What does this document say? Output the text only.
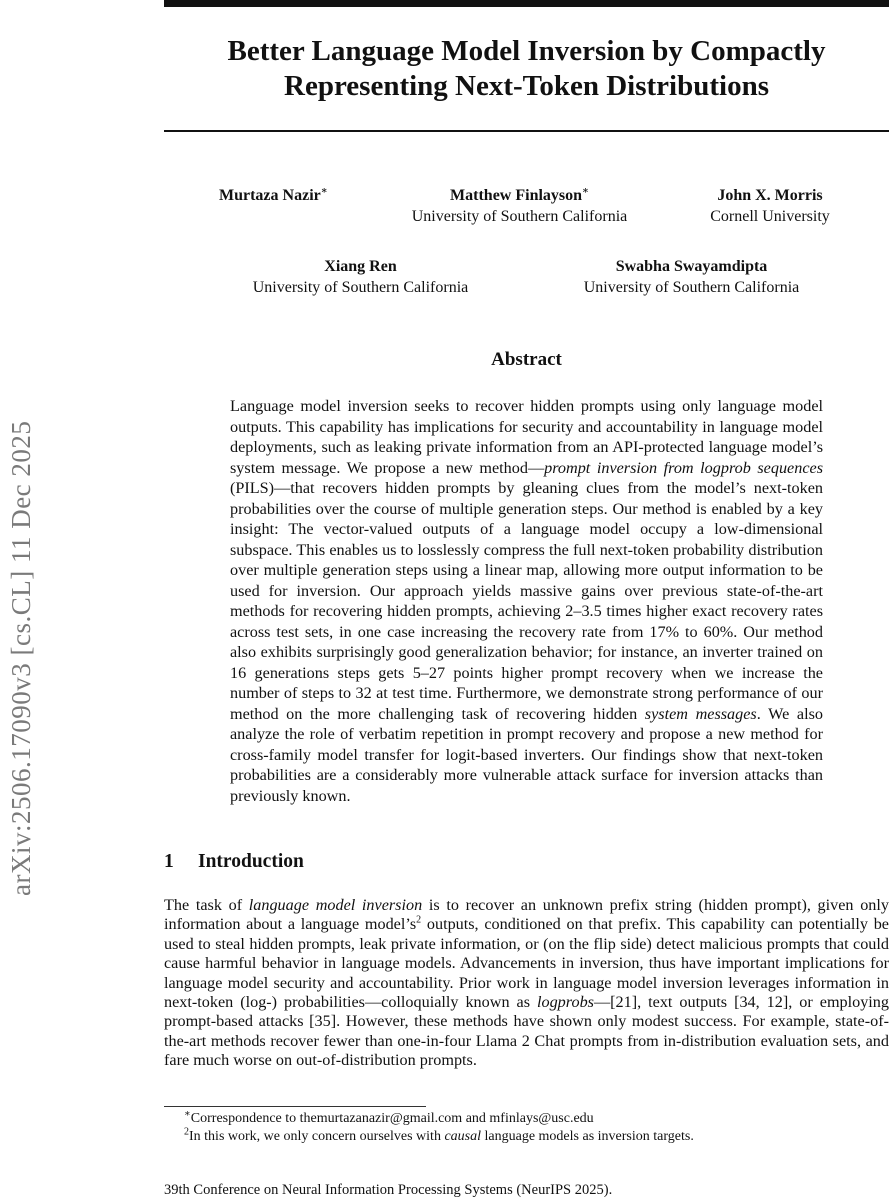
arXiv:2506.17090v3 [cs.CL] 11 Dec 2025
Better Language Model Inversion by Compactly Representing Next-Token Distributions
Murtaza Nazir∗	Matthew Finlayson∗
University of Southern California
John X. Morris
Cornell University
Xiang Ren
University of Southern California
Swabha Swayamdipta
University of Southern California
Abstract

Language model inversion seeks to recover hidden prompts using only language model outputs. This capability has implications for security and accountability in language model deployments, such as leaking private information from an API-protected language model’s system message. We propose a new method—prompt inversion from logprob sequences (PILS)—that recovers hidden prompts by gleaning clues from the model’s next-token probabilities over the course of multiple generation steps. Our method is enabled by a key insight: The vector-valued outputs of a language model occupy a low-dimensional subspace. This enables us to losslessly compress the full next-token probability distribution over multiple generation steps using a linear map, allowing more output information to be used for inversion. Our approach yields massive gains over previous state-of-the-art methods for recovering hidden prompts, achieving 2–3.5 times higher exact recovery rates across test sets, in one case increasing the recovery rate from 17% to 60%. Our method also exhibits surprisingly good generalization behavior; for instance, an inverter trained on 16 generations steps gets 5–27 points higher prompt recovery when we increase the number of steps to 32 at test time. Furthermore, we demonstrate strong performance of our method on the more challenging task of recovering hidden system messages. We also analyze the role of verbatim repetition in prompt recovery and propose a new method for cross-family model transfer for logit-based inverters. Our findings show that next-token probabilities are a considerably more vulnerable attack surface for inversion attacks than previously known.

1 Introduction

The task of language model inversion is to recover an unknown prefix string (hidden prompt), given only information about a language $model’s^2$ outputs, conditioned on that prefix. This capability can potentially be used to steal hidden prompts, leak private information, or (on the flip side) detect malicious prompts that could cause harmful behavior in language models. Advancements in inversion, thus have important implications for language model security and accountability. Prior work in language model inversion leverages information in next-token (log-) probabilities—colloquially known as logprobs—[21], text outputs [34, 12], or employing prompt-based attacks [35]. However, these methods have shown only modest success. For example, state-of-the-art methods recover fewer than one-in-four Llama 2 Chat prompts from in-distribution evaluation sets, and fare much worse on out-of-distribution prompts.

∗Correspondence to themurtazanazir@gmail.com and mfinlays@usc.edu

$^2$In this work, we only concern ourselves with causal language models as inversion targets.

39th Conference on Neural Information Processing Systems (NeurIPS 2025).
